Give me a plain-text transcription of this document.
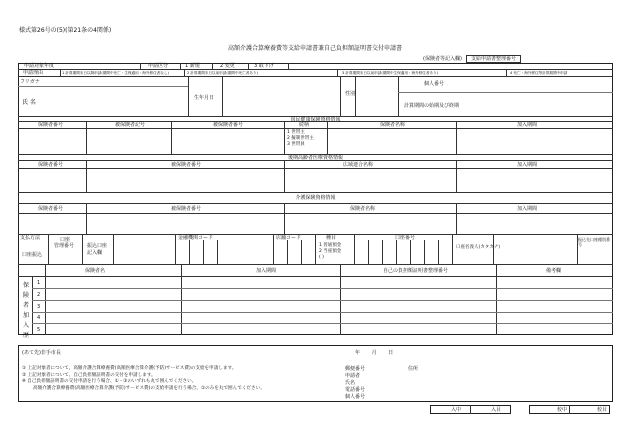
様式第26号の(5)(第21条の4関係)
高額介護合算療養費等支給申請書兼自己負担額証明書交付申請書
(保険者等記入欄)	支給申請書整理番号
申請対象年度	申請区分	1 新規	2 変更	3 取下げ
申請理由	1 計算期間末日以降申請(期間中死亡・生保適用・海外移住者なし)	2 計算期間末日以前申請(期間中死亡者あり)	3 計算期間末日以前申請(期間中生保適用・海外移住者あり)	4 死亡・海外移住等計算期間中申請
フリガナ
氏 名
生年月日
性別
個人番号
計算期間の始期及び終期
国民健康保険資格情報
保険者番号	被保険者記号	被保険者番号	続柄
1 世帯主
2 擬制世帯主
3 世帯員
保険者名称	加入期間
後期高齢者医療資格情報
保険者番号	被保険者番号	広域連合名称	加入期間
介護保険資格情報
保険者番号	被保険者番号	保険者名称	加入期間
支払方法
口座振込
口座
管理番号	振込口座
記入欄
金融機関コード	店舗コード	種目
1 普通預金
2 当座預金
( )
口座番号
口座名義人(カタカナ)
振込先口座種別番号
保険者名	加入期間	自己の負担額証明書整理番号	備考欄
保険者加入歴
1
2
3
4
5
(あて先)非手市長	年 月 日
① 上記対象者について、高額介護合算療養費(高額医療合算介護(予防)サービス費)の支給を申請します。
② 上記対象者について、自己負担額証明書の交付を申請します。
※ 自己負担額証明書の交付申請を行う場合、①・②のいずれも丸で囲んでください。
高額介護合算療養費(高額医療合算介護(予防)サービス費)の支給申請を行う場合、①のみを丸で囲んでください。
郵便番号
申請者
氏名
電話番号
個人番号
住所
入中	入目	校中	校目
